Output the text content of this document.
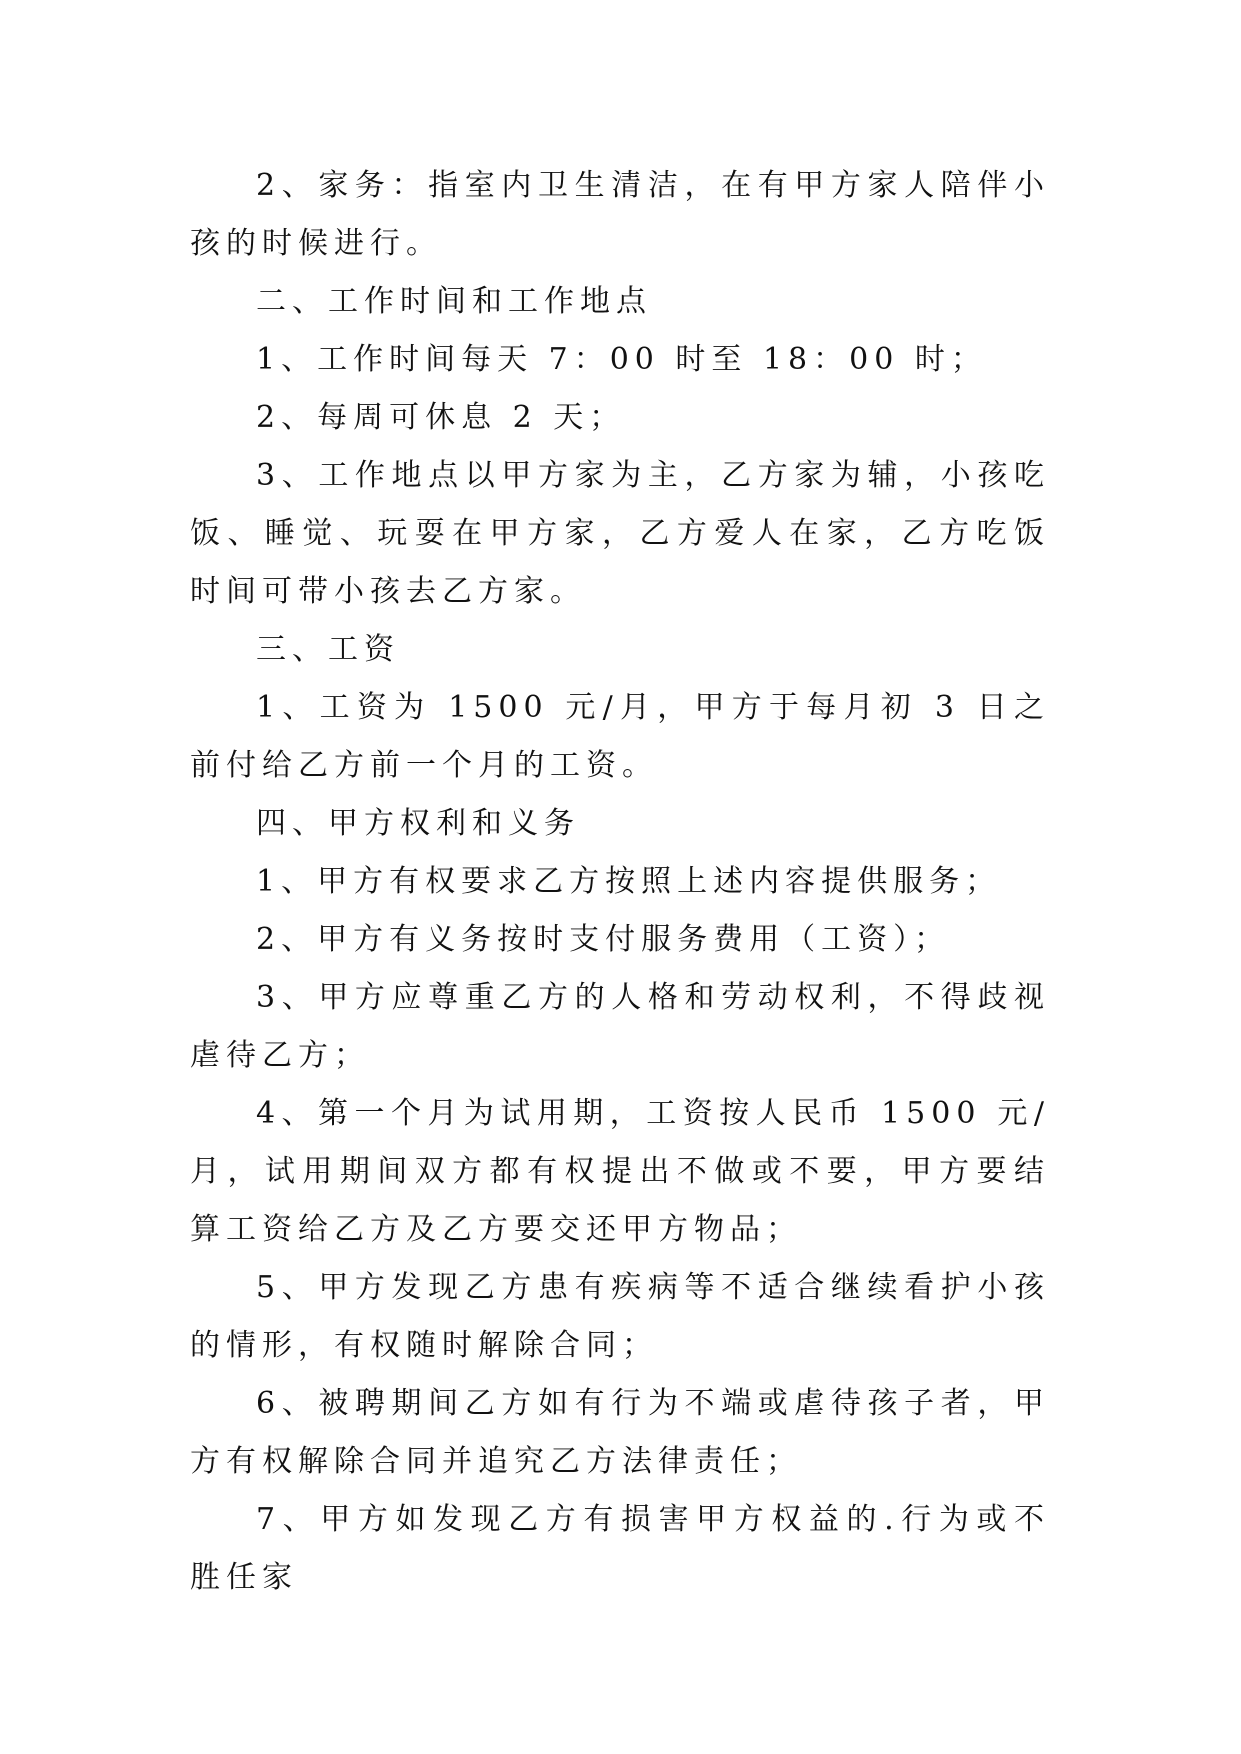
2、家务：指室内卫生清洁，在有甲方家人陪伴小孩的时候进行。

二、工作时间和工作地点

1、工作时间每天 7：00 时至 18：00 时；

2、每周可休息 2 天；

3、工作地点以甲方家为主，乙方家为辅，小孩吃饭、睡觉、玩耍在甲方家，乙方爱人在家，乙方吃饭时间可带小孩去乙方家。

三、工资

1、工资为 1500 元/月，甲方于每月初 3 日之前付给乙方前一个月的工资。

四、甲方权利和义务

1、甲方有权要求乙方按照上述内容提供服务；

2、甲方有义务按时支付服务费用（工资）；

3、甲方应尊重乙方的人格和劳动权利，不得歧视虐待乙方；

4、第一个月为试用期，工资按人民币 1500 元/月，试用期间双方都有权提出不做或不要，甲方要结算工资给乙方及乙方要交还甲方物品；

5、甲方发现乙方患有疾病等不适合继续看护小孩的情形，有权随时解除合同；

6、被聘期间乙方如有行为不端或虐待孩子者，甲方有权解除合同并追究乙方法律责任；

7、甲方如发现乙方有损害甲方权益的.行为或不胜任家
